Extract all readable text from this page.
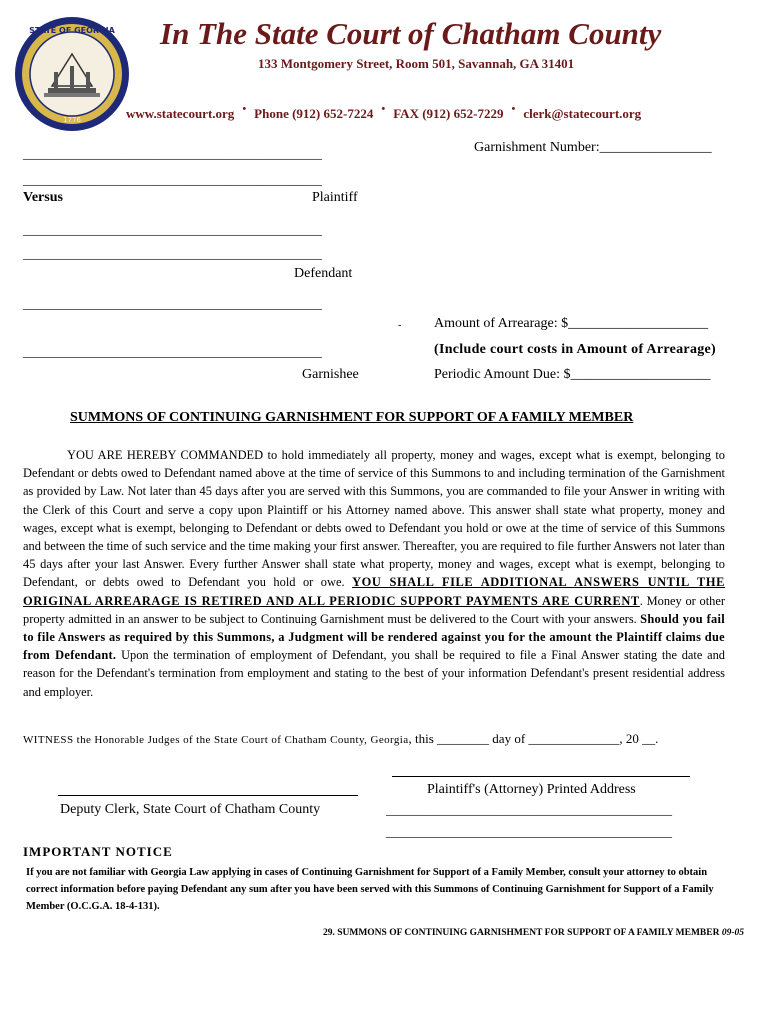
STATE OF GEORGIA
1776
In The State Court of Chatham County
133 Montgomery Street, Room 501, Savannah, GA 31401
www.statecourt.org • Phone (912) 652-7224 • FAX (912) 652-7229 • clerk@statecourt.org
______________________________________________	Garnishment Number:________________
______________________________________________
Versus	Plaintiff
______________________________________________
______________________________________________
Defendant
______________________________________________
- Amount of Arrearage: $____________________
______________________________________________	(Include court costs in Amount of Arrearage)
Garnishee	Periodic Amount Due: $____________________
SUMMONS OF CONTINUING GARNISHMENT FOR SUPPORT OF A FAMILY MEMBER

YOU ARE HEREBY COMMANDED to hold immediately all property, money and wages, except what is exempt, belonging to Defendant or debts owed to Defendant named above at the time of service of this Summons to and including termination of the Garnishment as provided by Law. Not later than 45 days after you are served with this Summons, you are commanded to file your Answer in writing with the Clerk of this Court and serve a copy upon Plaintiff or his Attorney named above. This answer shall state what property, money and wages, except what is exempt, belonging to Defendant or debts owed to Defendant you hold or owe at the time of service of this Summons and between the time of such service and the time making your first answer. Thereafter, you are required to file further Answers not later than 45 days after your last Answer. Every further Answer shall state what property, money and wages, except what is exempt, belonging to Defendant, or debts owed to Defendant you hold or owe. YOU SHALL FILE ADDITIONAL ANSWERS UNTIL THE ORIGINAL ARREARAGE IS RETIRED AND ALL PERIODIC SUPPORT PAYMENTS ARE CURRENT. Money or other property admitted in an answer to be subject to Continuing Garnishment must be delivered to the Court with your answers. Should you fail to file Answers as required by this Summons, a Judgment will be rendered against you for the amount the Plaintiff claims due from Defendant. Upon the termination of employment of Defendant, you shall be required to file a Final Answer stating the date and reason for the Defendant's termination from employment and stating to the best of your information Defendant's present residential address and employer.

WITNESS the Honorable Judges of the State Court of Chatham County, Georgia, this ________ day of ______________, 20 __.
Plaintiff's (Attorney) Printed Address
Deputy Clerk, State Court of Chatham County	____________________________________________
____________________________________________
IMPORTANT NOTICE
If you are not familiar with Georgia Law applying in cases of Continuing Garnishment for Support of a Family Member, consult your attorney to obtain correct information before paying Defendant any sum after you have been served with this Summons of Continuing Garnishment for Support of a Family Member (O.C.G.A. 18-4-131).
29. SUMMONS OF CONTINUING GARNISHMENT FOR SUPPORT OF A FAMILY MEMBER 09-05
